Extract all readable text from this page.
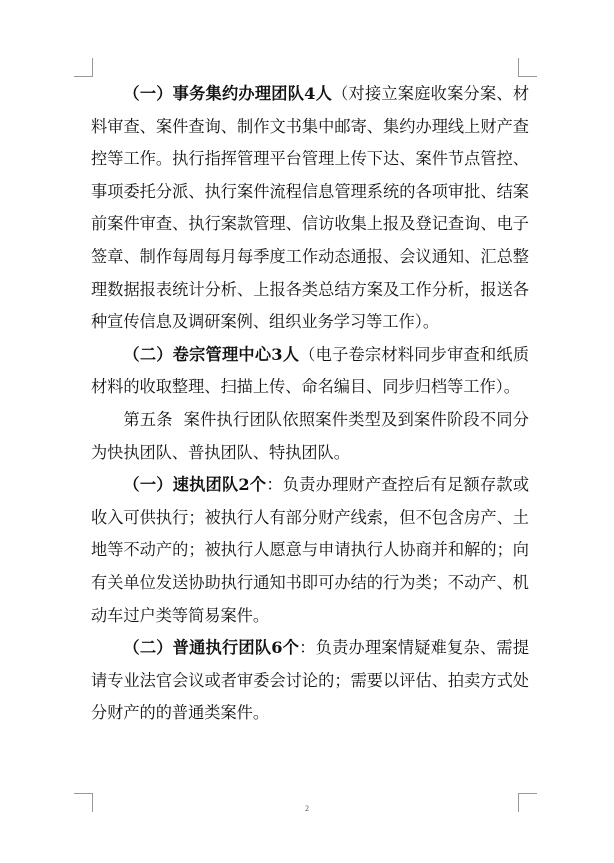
（一）事务集约办理团队4人（对接立案庭收案分案、材料审查、案件查询、制作文书集中邮寄、集约办理线上财产查控等工作。执行指挥管理平台管理上传下达、案件节点管控、事项委托分派、执行案件流程信息管理系统的各项审批、结案前案件审查、执行案款管理、信访收集上报及登记查询、电子签章、制作每周每月每季度工作动态通报、会议通知、汇总整理数据报表统计分析、上报各类总结方案及工作分析，报送各种宣传信息及调研案例、组织业务学习等工作）。

（二）卷宗管理中心3人（电子卷宗材料同步审查和纸质材料的收取整理、扫描上传、命名编目、同步归档等工作）。

第五条  案件执行团队依照案件类型及到案件阶段不同分为快执团队、普执团队、特执团队。

（一）速执团队2个：负责办理财产查控后有足额存款或收入可供执行；被执行人有部分财产线索，但不包含房产、土地等不动产的；被执行人愿意与申请执行人协商并和解的；向有关单位发送协助执行通知书即可办结的行为类；不动产、机动车过户类等简易案件。

（二）普通执行团队6个：负责办理案情疑难复杂、需提请专业法官会议或者审委会讨论的；需要以评估、拍卖方式处分财产的的普通类案件。

2
